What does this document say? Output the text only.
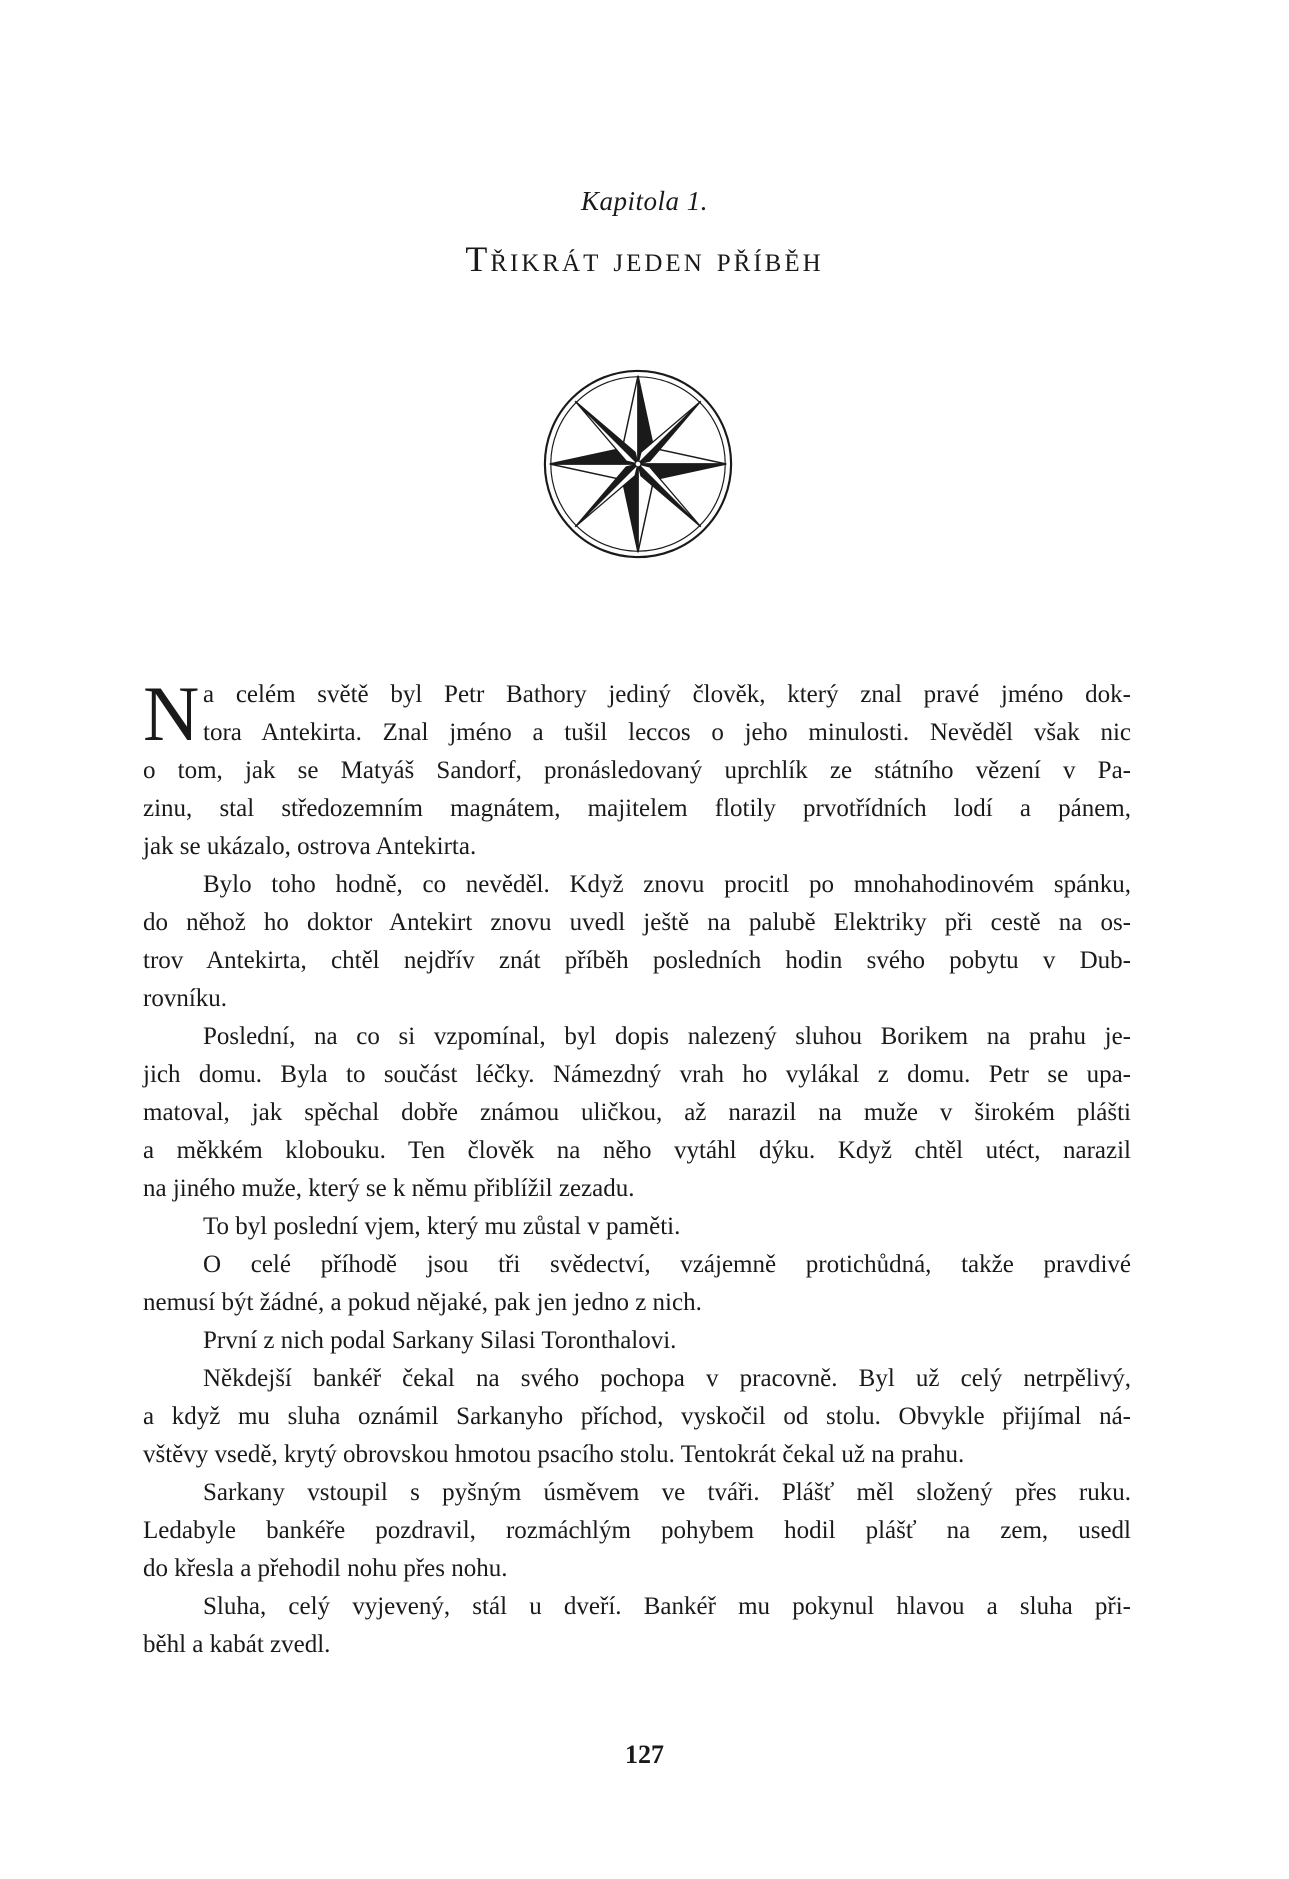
Kapitola 1.
Třikrát jeden příběh
N a celém světě byl Petr Bathory jediný člověk, který znal pravé jméno dok-
tora Antekirta. Znal jméno a tušil leccos o jeho minulosti. Nevěděl však nic
o tom, jak se Matyáš Sandorf, pronásledovaný uprchlík ze státního vězení v Pa-
zinu, stal středozemním magnátem, majitelem flotily prvotřídních lodí a pánem,
jak se ukázalo, ostrova Antekirta.
Bylo toho hodně, co nevěděl. Když znovu procitl po mnohahodinovém spánku,
do něhož ho doktor Antekirt znovu uvedl ještě na palubě Elektriky při cestě na os-
trov Antekirta, chtěl nejdřív znát příběh posledních hodin svého pobytu v Dub-
rovníku.
Poslední, na co si vzpomínal, byl dopis nalezený sluhou Borikem na prahu je-
jich domu. Byla to součást léčky. Námezdný vrah ho vylákal z domu. Petr se upa-
matoval, jak spěchal dobře známou uličkou, až narazil na muže v širokém plášti
a měkkém klobouku. Ten člověk na něho vytáhl dýku. Když chtěl utéct, narazil
na jiného muže, který se k němu přiblížil zezadu.
To byl poslední vjem, který mu zůstal v paměti.
O celé příhodě jsou tři svědectví, vzájemně protichůdná, takže pravdivé
nemusí být žádné, a pokud nějaké, pak jen jedno z nich.
První z nich podal Sarkany Silasi Toronthalovi.
Někdejší bankéř čekal na svého pochopa v pracovně. Byl už celý netrpělivý,
a když mu sluha oznámil Sarkanyho příchod, vyskočil od stolu. Obvykle přijímal ná-
vštěvy vsedě, krytý obrovskou hmotou psacího stolu. Tentokrát čekal už na prahu.
Sarkany vstoupil s pyšným úsměvem ve tváři. Plášť měl složený přes ruku.
Ledabyle bankéře pozdravil, rozmáchlým pohybem hodil plášť na zem, usedl
do křesla a přehodil nohu přes nohu.
Sluha, celý vyjevený, stál u dveří. Bankéř mu pokynul hlavou a sluha při-
běhl a kabát zvedl.
127
